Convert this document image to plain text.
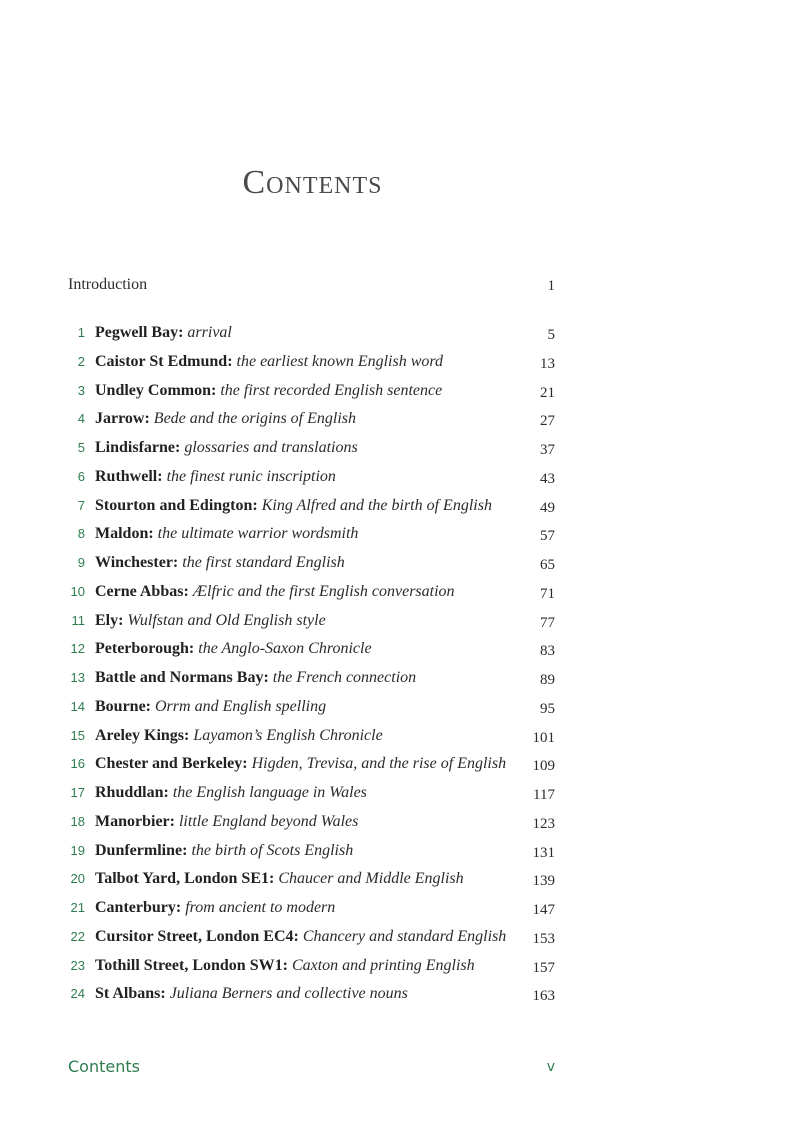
Contents
Introduction	1
1 Pegwell Bay: arrival	5
2 Caistor St Edmund: the earliest known English word	13
3 Undley Common: the first recorded English sentence	21
4 Jarrow: Bede and the origins of English	27
5 Lindisfarne: glossaries and translations	37
6 Ruthwell: the finest runic inscription	43
7 Stourton and Edington: King Alfred and the birth of English	49
8 Maldon: the ultimate warrior wordsmith	57
9 Winchester: the first standard English	65
10 Cerne Abbas: Ælfric and the first English conversation	71
11 Ely: Wulfstan and Old English style	77
12 Peterborough: the Anglo-Saxon Chronicle	83
13 Battle and Normans Bay: the French connection	89
14 Bourne: Orrm and English spelling	95
15 Areley Kings: Layamon’s English Chronicle	101
16 Chester and Berkeley: Higden, Trevisa, and the rise of English 109
17 Rhuddlan: the English language in Wales	117
18 Manorbier: little England beyond Wales	123
19 Dunfermline: the birth of Scots English	131
20 Talbot Yard, London SE1: Chaucer and Middle English	139
21 Canterbury: from ancient to modern	147
22 Cursitor Street, London EC4: Chancery and standard English 153
23 Tothill Street, London SW1: Caxton and printing English	157
24 St Albans: Juliana Berners and collective nouns	163
Contents	v
